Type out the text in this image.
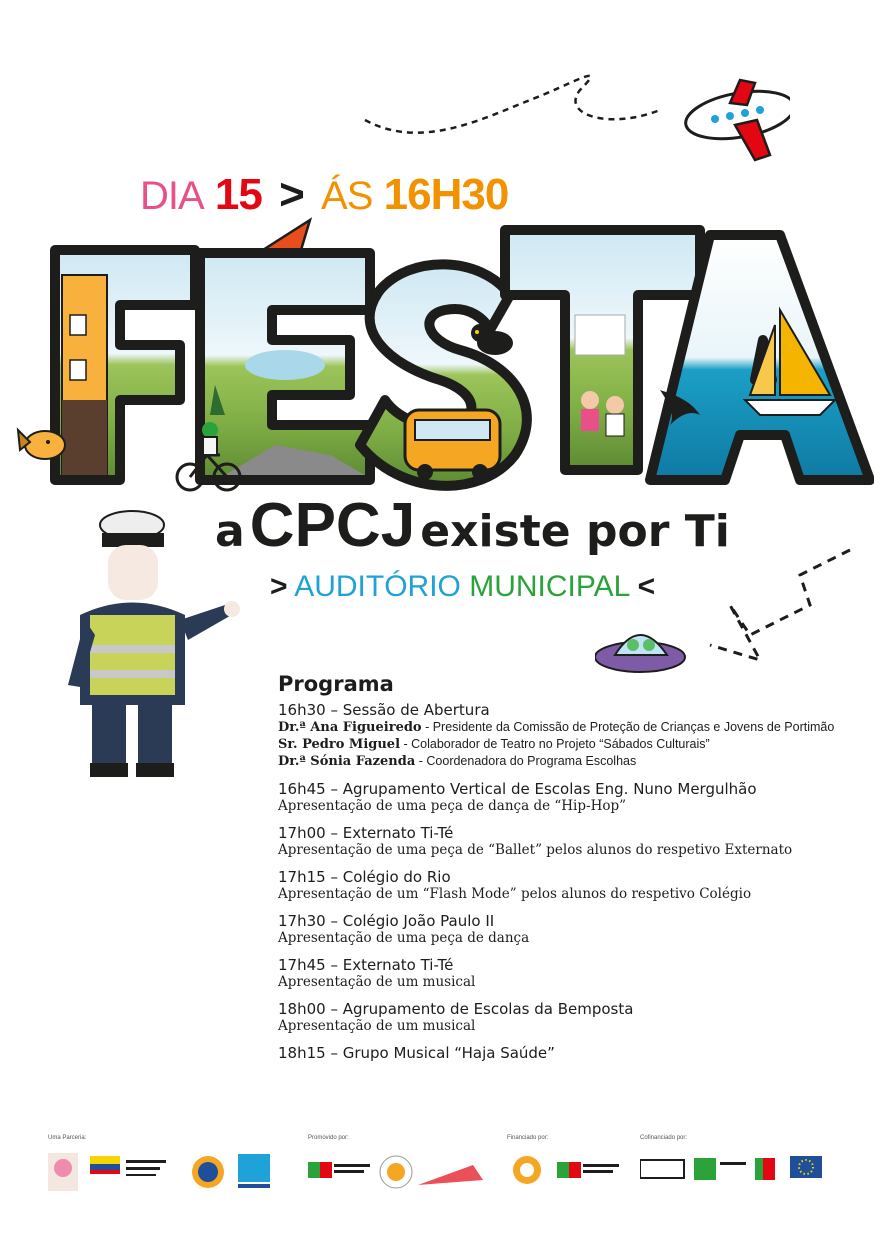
DIA 15 > ÁS 16H30
a CPCJ existe por Ti
> AUDITÓRIO MUNICIPAL <
Programa
16h30 – Sessão de Abertura
Dr.ª Ana Figueiredo - Presidente da Comissão de Proteção de Crianças e Jovens de Portimão
Sr. Pedro Miguel - Colaborador de Teatro no Projeto “Sábados Culturais”
Dr.ª Sónia Fazenda - Coordenadora do Programa Escolhas
16h45 – Agrupamento Vertical de Escolas Eng. Nuno Mergulhão
Apresentação de uma peça de dança de “Hip-Hop”
17h00 – Externato Ti-Té
Apresentação de uma peça de “Ballet” pelos alunos do respetivo Externato
17h15 – Colégio do Rio
Apresentação de um “Flash Mode” pelos alunos do respetivo Colégio
17h30 – Colégio João Paulo II
Apresentação de uma peça de dança
17h45 – Externato Ti-Té
Apresentação de um musical
18h00 – Agrupamento de Escolas da Bemposta
Apresentação de um musical
18h15 – Grupo Musical “Haja Saúde”
Uma Parceria:	Promovido por:	Financiado por:	Cofinanciado por:
